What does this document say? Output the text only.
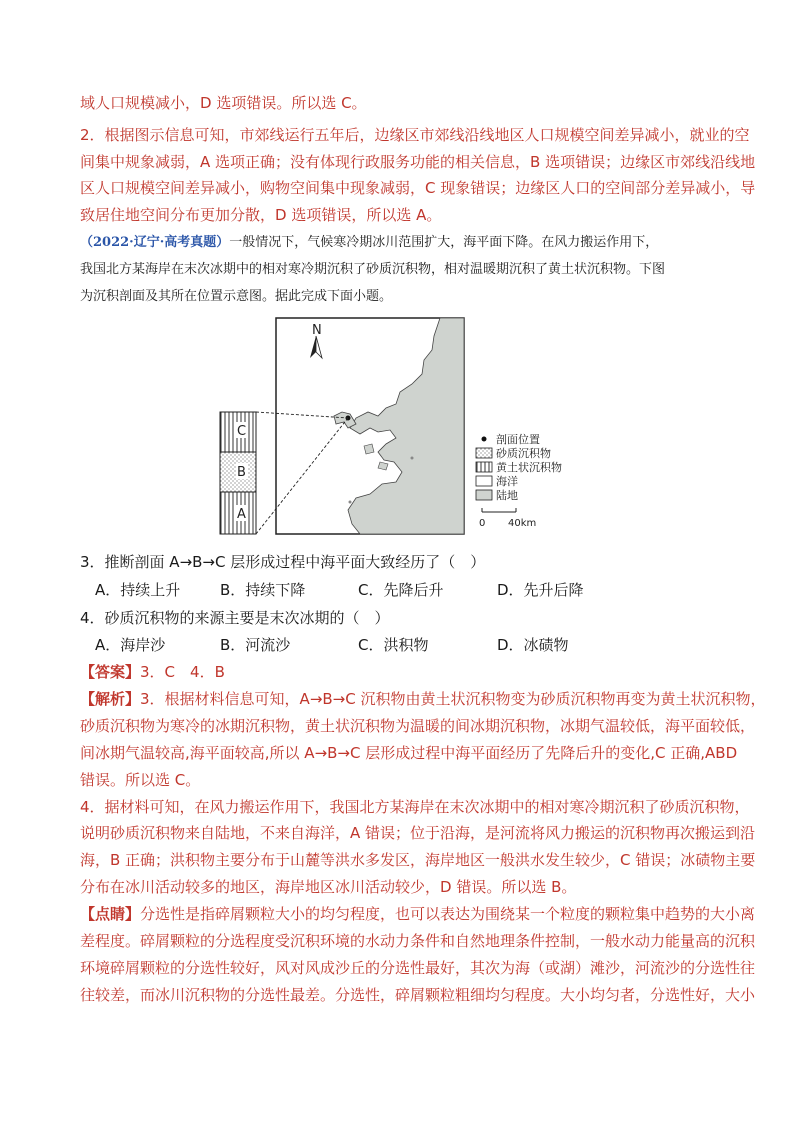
域人口规模减小，D 选项错误。所以选 C。
2．根据图示信息可知，市郊线运行五年后，边缘区市郊线沿线地区人口规模空间差异减小，就业的空
间集中规象减弱，A 选项正确；没有体现行政服务功能的相关信息，B 选项错误；边缘区市郊线沿线地
区人口规模空间差异减小，购物空间集中现象减弱，C 现象错误；边缘区人口的空间部分差异减小，导
致居住地空间分布更加分散，D 选项错误，所以选 A。
（2022·辽宁·高考真题）一般情况下，气候寒冷期冰川范围扩大，海平面下降。在风力搬运作用下，
我国北方某海岸在末次冰期中的相对寒冷期沉积了砂质沉积物，相对温暖期沉积了黄土状沉积物。下图
为沉积剖面及其所在位置示意图。据此完成下面小题。
N
C
B
A
剖面位置
砂质沉积物
黄土状沉积物
海洋
陆地
0 40km
3．推断剖面 A→B→C 层形成过程中海平面大致经历了（　）
A．持续上升	B．持续下降	C．先降后升	D．先升后降
4．砂质沉积物的来源主要是末次冰期的（　）
A．海岸沙	B．河流沙	C．洪积物	D．冰碛物
【答案】3．C　4．B
【解析】3．根据材料信息可知，A→B→C 沉积物由黄土状沉积物变为砂质沉积物再变为黄土状沉积物，
砂质沉积物为寒冷的冰期沉积物，黄土状沉积物为温暖的间冰期沉积物，冰期气温较低，海平面较低，
间冰期气温较高,海平面较高,所以 A→B→C 层形成过程中海平面经历了先降后升的变化,C 正确,ABD
错误。所以选 C。
4．据材料可知，在风力搬运作用下，我国北方某海岸在末次冰期中的相对寒冷期沉积了砂质沉积物，
说明砂质沉积物来自陆地，不来自海洋，A 错误；位于沿海，是河流将风力搬运的沉积物再次搬运到沿
海，B 正确；洪积物主要分布于山麓等洪水多发区，海岸地区一般洪水发生较少，C 错误；冰碛物主要
分布在冰川活动较多的地区，海岸地区冰川活动较少，D 错误。所以选 B。
【点睛】分选性是指碎屑颗粒大小的均匀程度，也可以表达为围绕某一个粒度的颗粒集中趋势的大小离
差程度。碎屑颗粒的分选程度受沉积环境的水动力条件和自然地理条件控制，一般水动力能量高的沉积
环境碎屑颗粒的分选性较好，风对风成沙丘的分选性最好，其次为海（或湖）滩沙，河流沙的分选性往
往较差，而冰川沉积物的分选性最差。分选性，碎屑颗粒粗细均匀程度。大小均匀者，分选性好，大小
